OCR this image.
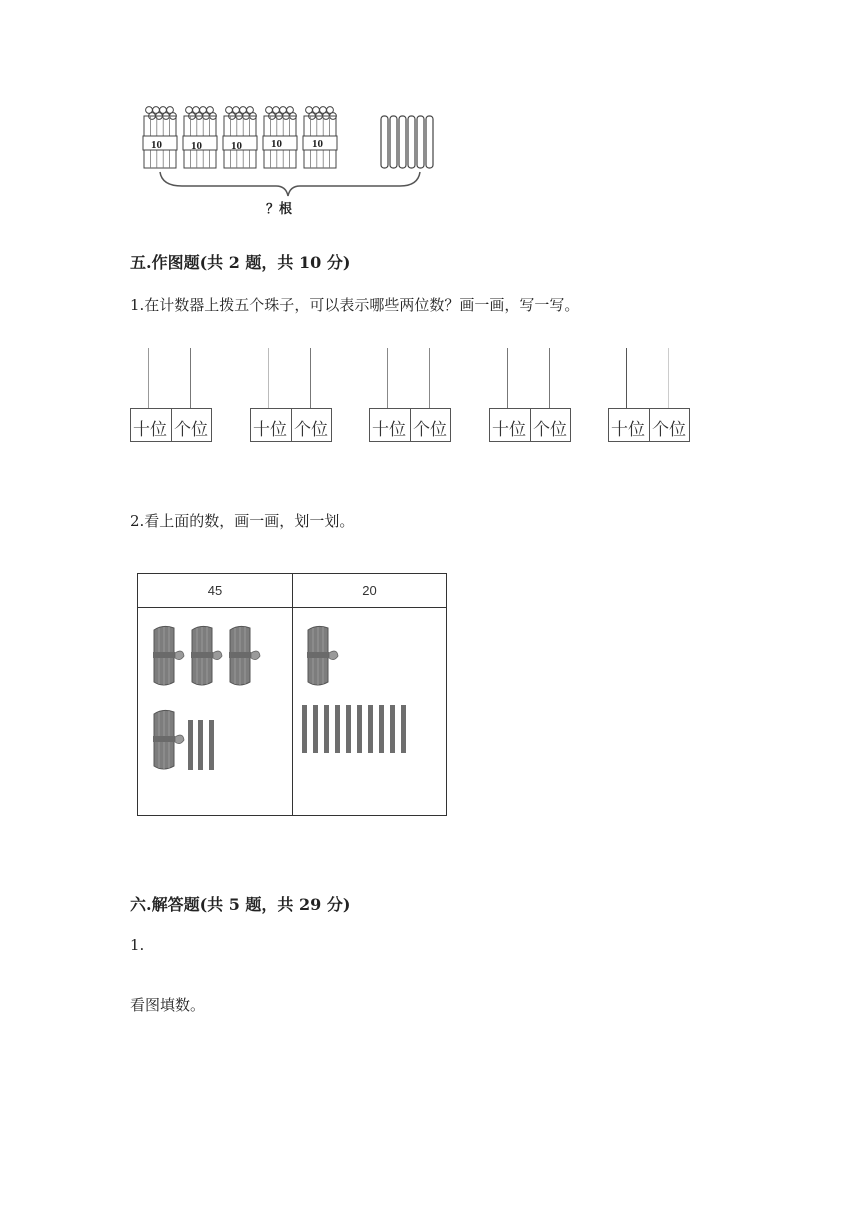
？根
10	10	10	10	10
五.作图题(共 2 题，共 10 分)
1.在计数器上拨五个珠子，可以表示哪些两位数？画一画，写一写。
十位 个位	十位 个位	十位 个位	十位 个位	十位 个位
2.看上面的数，画一画，划一划。
45	20
六.解答题(共 5 题，共 29 分)
1.
看图填数。
